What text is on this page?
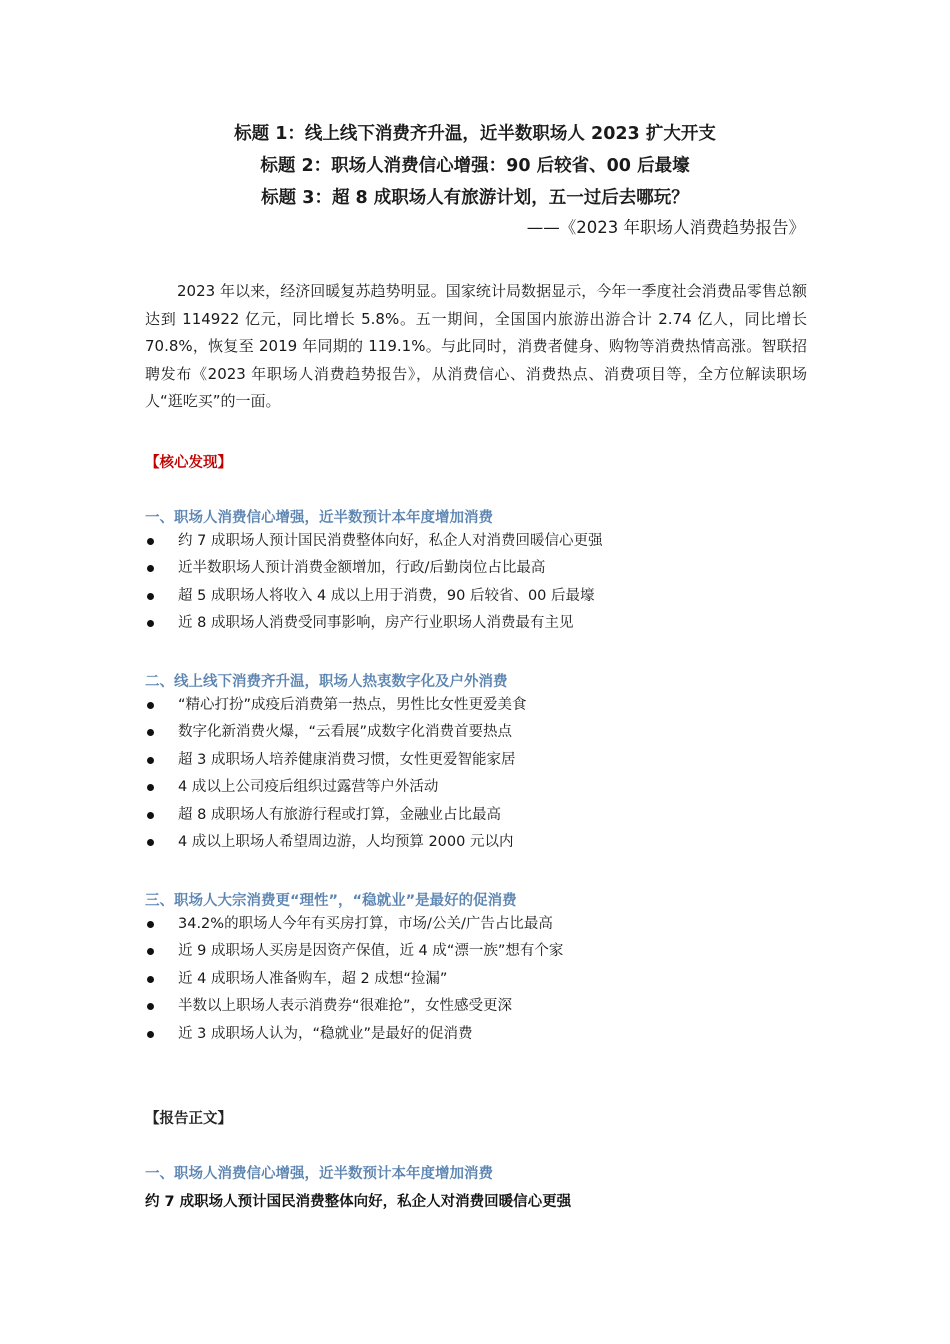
标题 1：线上线下消费齐升温，近半数职场人 2023 扩大开支
标题 2：职场人消费信心增强：90 后较省、00 后最壕
标题 3：超 8 成职场人有旅游计划，五一过后去哪玩？
——《2023 年职场人消费趋势报告》
2023 年以来，经济回暖复苏趋势明显。国家统计局数据显示，今年一季度社会消费品零售总额达到 114922 亿元，同比增长 5.8%。五一期间，全国国内旅游出游合计 2.74 亿人，同比增长 70.8%，恢复至 2019 年同期的 119.1%。与此同时，消费者健身、购物等消费热情高涨。智联招聘发布《2023 年职场人消费趋势报告》，从消费信心、消费热点、消费项目等，全方位解读职场人“逛吃买”的一面。
【核心发现】
一、职场人消费信心增强，近半数预计本年度增加消费
约 7 成职场人预计国民消费整体向好，私企人对消费回暖信心更强
近半数职场人预计消费金额增加，行政/后勤岗位占比最高
超 5 成职场人将收入 4 成以上用于消费，90 后较省、00 后最壕
近 8 成职场人消费受同事影响，房产行业职场人消费最有主见
二、线上线下消费齐升温，职场人热衷数字化及户外消费
“精心打扮”成疫后消费第一热点，男性比女性更爱美食
数字化新消费火爆，“云看展”成数字化消费首要热点
超 3 成职场人培养健康消费习惯，女性更爱智能家居
4 成以上公司疫后组织过露营等户外活动
超 8 成职场人有旅游行程或打算，金融业占比最高
4 成以上职场人希望周边游，人均预算 2000 元以内
三、职场人大宗消费更“理性”，“稳就业”是最好的促消费
34.2%的职场人今年有买房打算，市场/公关/广告占比最高
近 9 成职场人买房是因资产保值，近 4 成“漂一族”想有个家
近 4 成职场人准备购车，超 2 成想“捡漏”
半数以上职场人表示消费券“很难抢”，女性感受更深
近 3 成职场人认为，“稳就业”是最好的促消费
【报告正文】
一、职场人消费信心增强，近半数预计本年度增加消费
约 7 成职场人预计国民消费整体向好，私企人对消费回暖信心更强
